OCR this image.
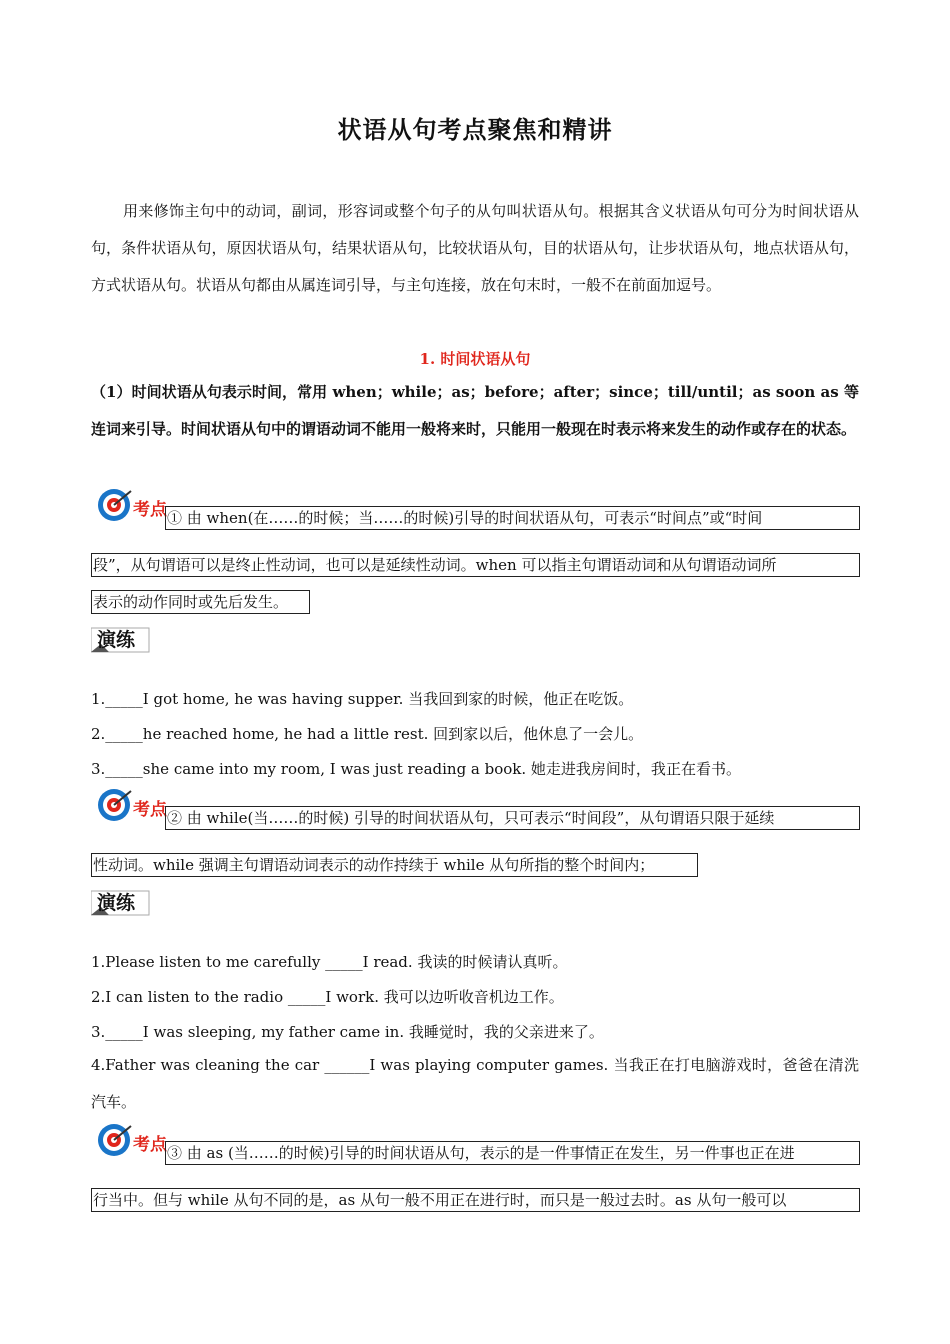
状语从句考点聚焦和精讲
用来修饰主句中的动词，副词，形容词或整个句子的从句叫状语从句。根据其含义状语从句可分为时间状语从句，条件状语从句，原因状语从句，结果状语从句，比较状语从句，目的状语从句，让步状语从句，地点状语从句，方式状语从句。状语从句都由从属连词引导，与主句连接，放在句末时，一般不在前面加逗号。
1. 时间状语从句
（1）时间状语从句表示时间，常用 when；while；as；before；after；since；till/until；as soon as 等连词来引导。时间状语从句中的谓语动词不能用一般将来时，只能用一般现在时表示将来发生的动作或存在的状态。
考点 ① 由 when(在……的时候；当……的时候)引导的时间状语从句，可表示“时间点”或“时间
段”，从句谓语可以是终止性动词，也可以是延续性动词。when 可以指主句谓语动词和从句谓语动词所
表示的动作同时或先后发生。
演练
1._____I got home, he was having supper. 当我回到家的时候，他正在吃饭。
2._____he reached home, he had a little rest. 回到家以后，他休息了一会儿。
3._____she came into my room, I was just reading a book. 她走进我房间时，我正在看书。
考点 ② 由 while(当……的时候) 引导的时间状语从句，只可表示“时间段”，从句谓语只限于延续
性动词。while 强调主句谓语动词表示的动作持续于 while 从句所指的整个时间内；
演练
1.Please listen to me carefully _____I read. 我读的时候请认真听。
2.I can listen to the radio _____I work. 我可以边听收音机边工作。
3._____I was sleeping, my father came in. 我睡觉时，我的父亲进来了。
4.Father was cleaning the car ______I was playing computer games. 当我正在打电脑游戏时，爸爸在清洗汽车。
考点 ③ 由 as (当……的时候)引导的时间状语从句，表示的是一件事情正在发生，另一件事也正在进
行当中。但与 while 从句不同的是，as 从句一般不用正在进行时，而只是一般过去时。as 从句一般可以
